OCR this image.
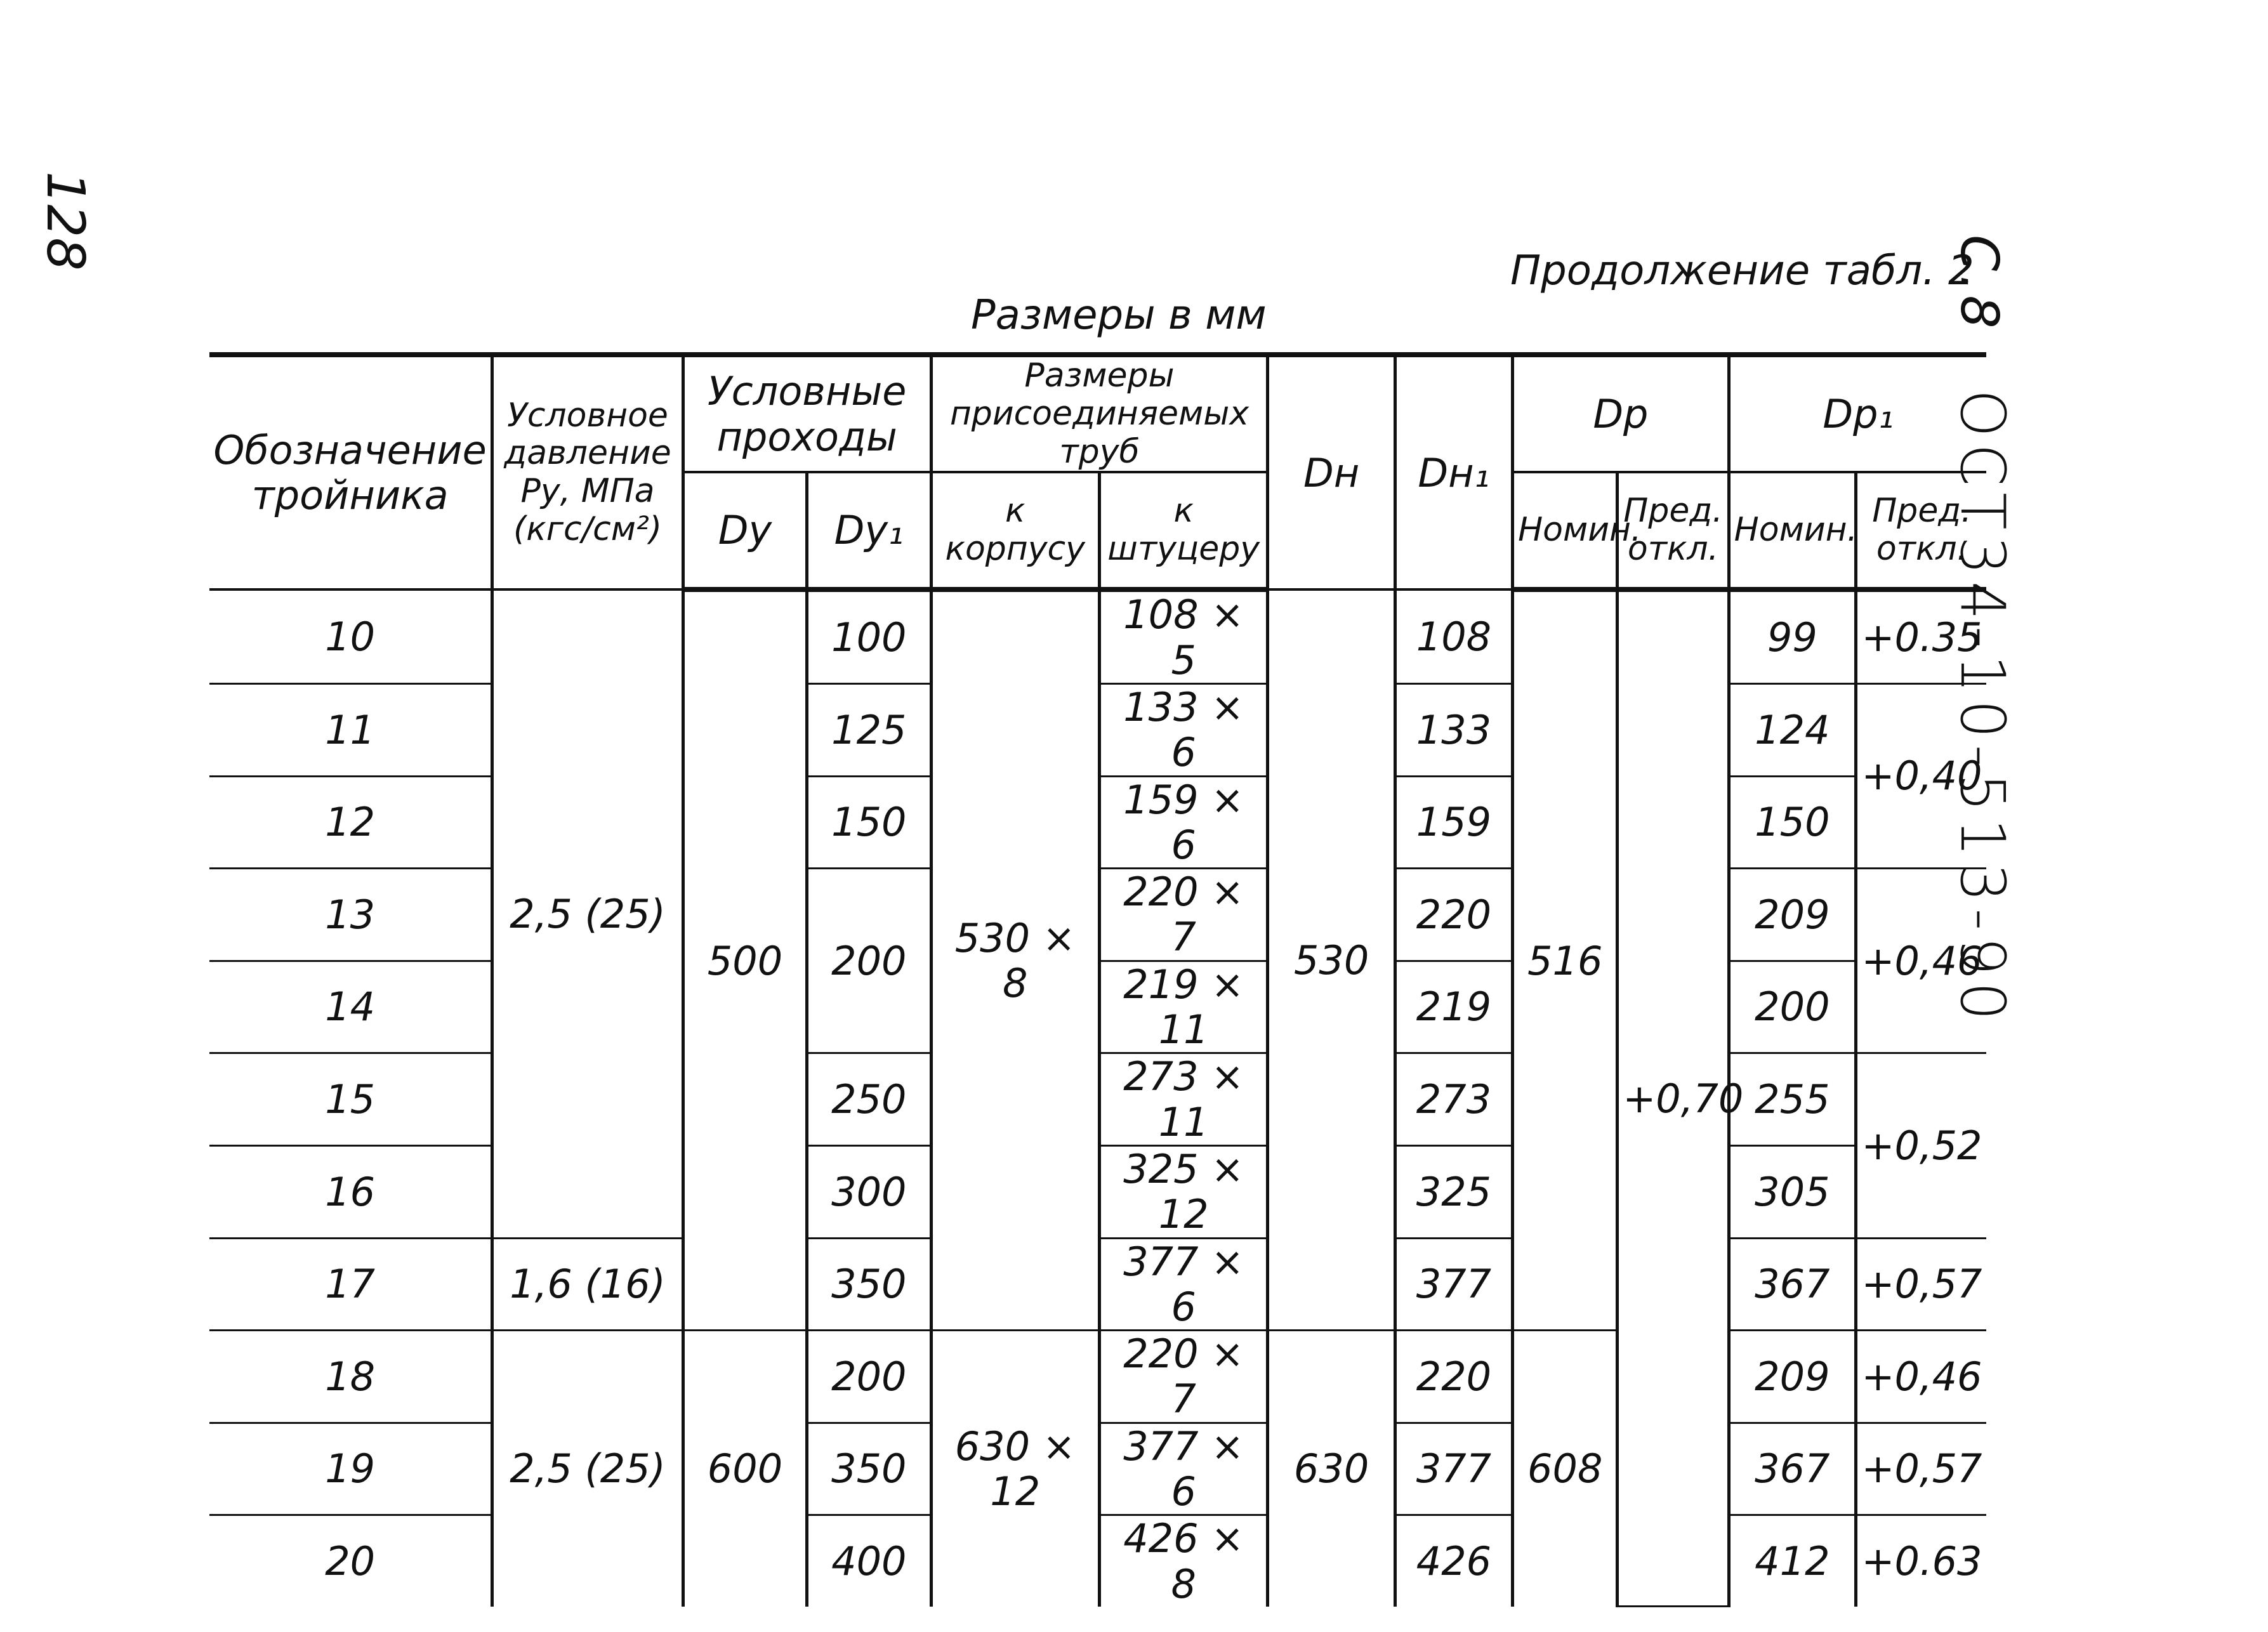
128
С.8
ОСТ34-10-513-90
Продолжение табл. 2
Размеры в мм
Обозначение тройника	Условное давление Ру, МПа (кгс/см²)	Условные проходы		Размеры присоединяемых труб		Dн	Dн₁	Dр		Dр₁	
		Dу	Dу₁	к корпусу	к штуцеру			Номин.	Пред. откл.	Номин.	Пред. откл.
10	2,5 (25)	500	100	530 × 8	108 × 5	530	108	516	+0,70	99	+0.35
11			125		133 × 6		133			124	+0,40
12			150		159 × 6		159			150	
13			200		220 × 7		220			209	+0,46
14					219 × 11		219			200	
15			250		273 × 11		273			255	+0,52
16			300		325 × 12		325			305	
17	1,6 (16)		350		377 × 6		377			367	+0,57
18	2,5 (25)	600	200	630 × 12	220 × 7	630	220	608		209	+0,46
19			350		377 × 6		377			367	+0,57
20			400		426 × 8		426			412	+0.63
